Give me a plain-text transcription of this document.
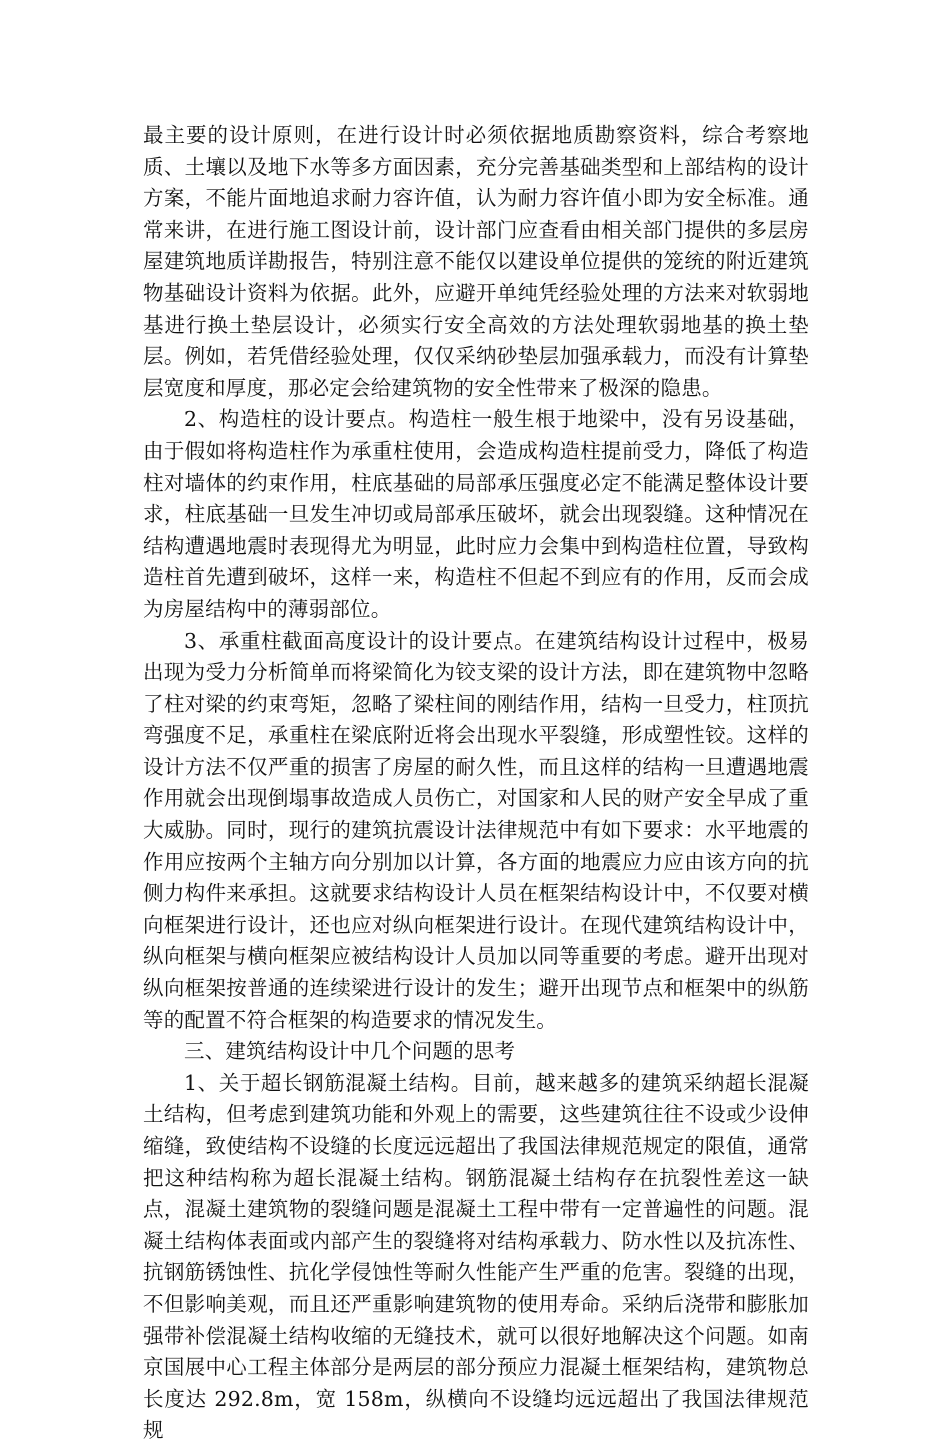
最主要的设计原则，在进行设计时必须依据地质勘察资料，综合考察地质、土壤以及地下水等多方面因素，充分完善基础类型和上部结构的设计方案，不能片面地追求耐力容许值，认为耐力容许值小即为安全标准。通常来讲，在进行施工图设计前，设计部门应查看由相关部门提供的多层房屋建筑地质详勘报告，特别注意不能仅以建设单位提供的笼统的附近建筑物基础设计资料为依据。此外，应避开单纯凭经验处理的方法来对软弱地基进行换土垫层设计，必须实行安全高效的方法处理软弱地基的换土垫层。例如，若凭借经验处理，仅仅采纳砂垫层加强承载力，而没有计算垫层宽度和厚度，那必定会给建筑物的安全性带来了极深的隐患。

2、构造柱的设计要点。构造柱一般生根于地梁中，没有另设基础，由于假如将构造柱作为承重柱使用，会造成构造柱提前受力，降低了构造柱对墙体的约束作用，柱底基础的局部承压强度必定不能满足整体设计要求，柱底基础一旦发生冲切或局部承压破坏，就会出现裂缝。这种情况在结构遭遇地震时表现得尤为明显，此时应力会集中到构造柱位置，导致构造柱首先遭到破坏，这样一来，构造柱不但起不到应有的作用，反而会成为房屋结构中的薄弱部位。

3、承重柱截面高度设计的设计要点。在建筑结构设计过程中，极易出现为受力分析简单而将梁简化为铰支梁的设计方法，即在建筑物中忽略了柱对梁的约束弯矩，忽略了梁柱间的刚结作用，结构一旦受力，柱顶抗弯强度不足，承重柱在梁底附近将会出现水平裂缝，形成塑性铰。这样的设计方法不仅严重的损害了房屋的耐久性，而且这样的结构一旦遭遇地震作用就会出现倒塌事故造成人员伤亡，对国家和人民的财产安全早成了重大威胁。同时，现行的建筑抗震设计法律规范中有如下要求：水平地震的作用应按两个主轴方向分别加以计算，各方面的地震应力应由该方向的抗侧力构件来承担。这就要求结构设计人员在框架结构设计中，不仅要对横向框架进行设计，还也应对纵向框架进行设计。在现代建筑结构设计中，纵向框架与横向框架应被结构设计人员加以同等重要的考虑。避开出现对纵向框架按普通的连续梁进行设计的发生；避开出现节点和框架中的纵筋等的配置不符合框架的构造要求的情况发生。

三、建筑结构设计中几个问题的思考

1、关于超长钢筋混凝土结构。目前，越来越多的建筑采纳超长混凝土结构，但考虑到建筑功能和外观上的需要，这些建筑往往不设或少设伸缩缝，致使结构不设缝的长度远远超出了我国法律规范规定的限值，通常把这种结构称为超长混凝土结构。钢筋混凝土结构存在抗裂性差这一缺点，混凝土建筑物的裂缝问题是混凝土工程中带有一定普遍性的问题。混凝土结构体表面或内部产生的裂缝将对结构承载力、防水性以及抗冻性、抗钢筋锈蚀性、抗化学侵蚀性等耐久性能产生严重的危害。裂缝的出现，不但影响美观，而且还严重影响建筑物的使用寿命。采纳后浇带和膨胀加强带补偿混凝土结构收缩的无缝技术，就可以很好地解决这个问题。如南京国展中心工程主体部分是两层的部分预应力混凝土框架结构，建筑物总长度达 292.8m，宽 158m，纵横向不设缝均远远超出了我国法律规范规
